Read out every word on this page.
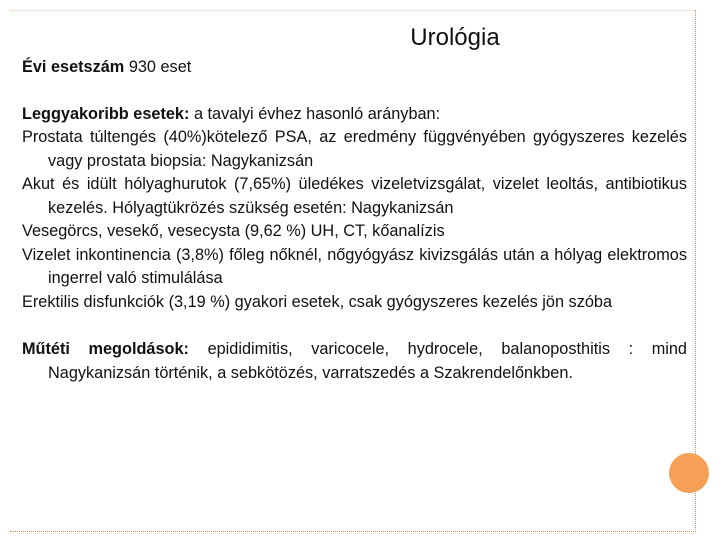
Urológia

Évi esetszám 930 eset

Leggyakoribb esetek: a tavalyi évhez hasonló arányban:

Prostata túltengés (40%)kötelező PSA, az eredmény függvényében gyógyszeres kezelés vagy prostata biopsia: Nagykanizsán

Akut és idült hólyaghurutok (7,65%) üledékes vizeletvizsgálat, vizelet leoltás, antibiotikus kezelés. Hólyagtükrözés szükség esetén: Nagykanizsán

Vesegörcs, vesekő, vesecysta (9,62 %) UH, CT, kőanalízis

Vizelet inkontinencia (3,8%) főleg nőknél, nőgyógyász kivizsgálás után a hólyag elektromos ingerrel való stimulálása

Erektilis disfunkciók (3,19 %) gyakori esetek, csak gyógyszeres kezelés jön szóba

Műtéti megoldások: epididimitis, varicocele, hydrocele, balanoposthitis : mind Nagykanizsán történik, a sebkötözés, varratszedés a Szakrendelőnkben.
